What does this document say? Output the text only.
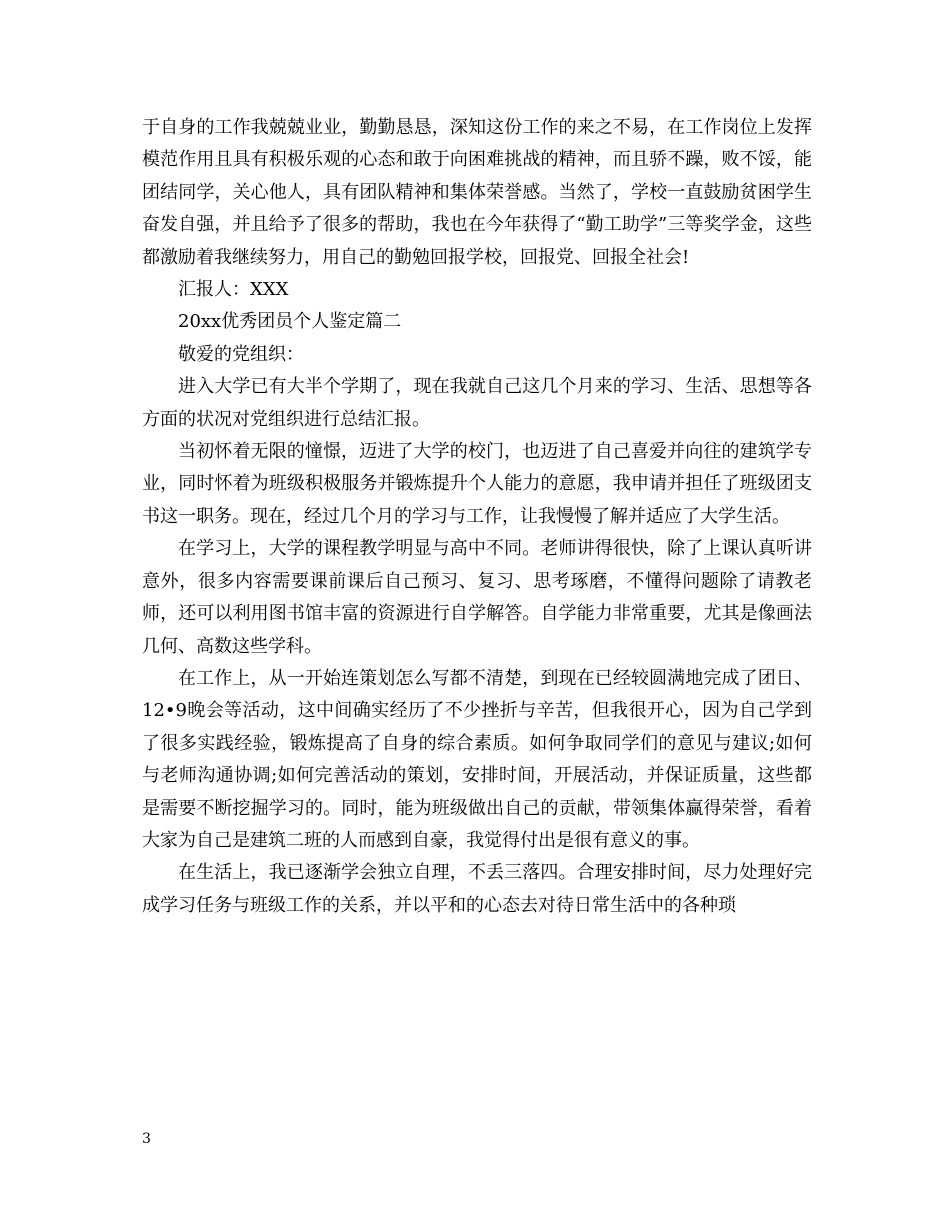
于自身的工作我兢兢业业，勤勤恳恳，深知这份工作的来之不易，在工作岗位上发挥模范作用且具有积极乐观的心态和敢于向困难挑战的精神，而且骄不躁，败不馁，能团结同学，关心他人，具有团队精神和集体荣誉感。当然了，学校一直鼓励贫困学生奋发自强，并且给予了很多的帮助，我也在今年获得了“勤工助学”三等奖学金，这些都激励着我继续努力，用自己的勤勉回报学校，回报党、回报全社会!

汇报人：XXX

20xx优秀团员个人鉴定篇二

敬爱的党组织：

进入大学已有大半个学期了，现在我就自己这几个月来的学习、生活、思想等各方面的状况对党组织进行总结汇报。

当初怀着无限的憧憬，迈进了大学的校门，也迈进了自己喜爱并向往的建筑学专业，同时怀着为班级积极服务并锻炼提升个人能力的意愿，我申请并担任了班级团支书这一职务。现在，经过几个月的学习与工作，让我慢慢了解并适应了大学生活。

在学习上，大学的课程教学明显与高中不同。老师讲得很快，除了上课认真听讲意外，很多内容需要课前课后自己预习、复习、思考琢磨，不懂得问题除了请教老师，还可以利用图书馆丰富的资源进行自学解答。自学能力非常重要，尤其是像画法几何、高数这些学科。

在工作上，从一开始连策划怎么写都不清楚，到现在已经较圆满地完成了团日、12•9晚会等活动，这中间确实经历了不少挫折与辛苦，但我很开心，因为自己学到了很多实践经验，锻炼提高了自身的综合素质。如何争取同学们的意见与建议;如何与老师沟通协调;如何完善活动的策划，安排时间，开展活动，并保证质量，这些都是需要不断挖掘学习的。同时，能为班级做出自己的贡献，带领集体赢得荣誉，看着大家为自己是建筑二班的人而感到自豪，我觉得付出是很有意义的事。

在生活上，我已逐渐学会独立自理，不丢三落四。合理安排时间，尽力处理好完成学习任务与班级工作的关系，并以平和的心态去对待日常生活中的各种琐

3
